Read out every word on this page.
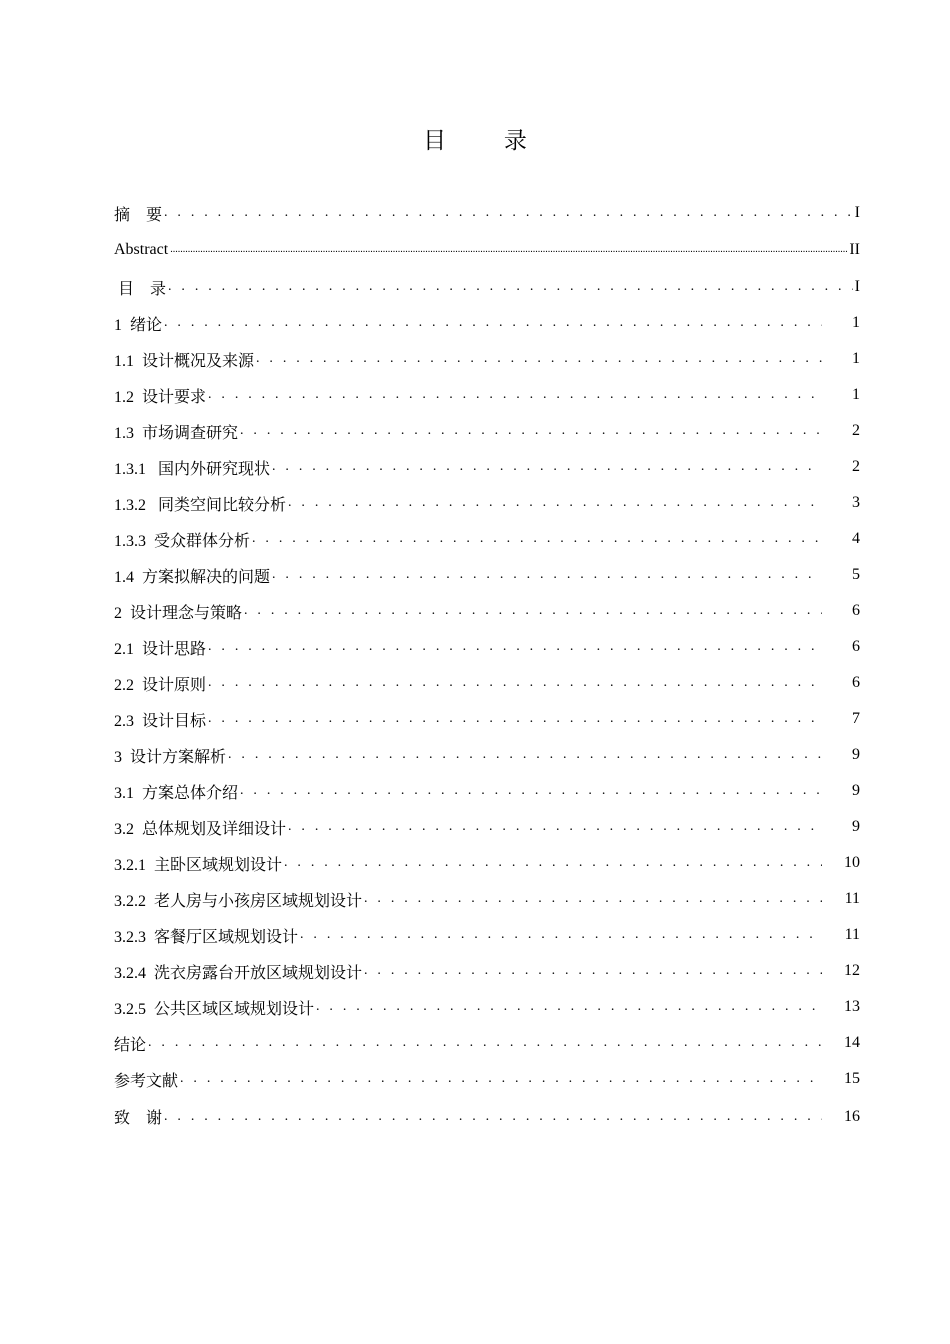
目 录
摘    要 . . .	I
Abstract .....	II
目    录 . . .	I
1  绪论 . . .	1
1.1  设计概况及来源 . . .	1
1.2  设计要求 . . .	1
1.3  市场调查研究 . . .	2
1.3.1   国内外研究现状 . . .	2
1.3.2   同类空间比较分析 . . .	3
1.3.3  受众群体分析 . . .	4
1.4  方案拟解决的问题 . . .	5
2  设计理念与策略 . . .	6
2.1  设计思路 . . .	6
2.2  设计原则 . . .	6
2.3  设计目标 . . .	7
3  设计方案解析 . . .	9
3.1  方案总体介绍 . . .	9
3.2  总体规划及详细设计 . . .	9
3.2.1  主卧区域规划设计 . . .	10
3.2.2  老人房与小孩房区域规划设计 . . .	11
3.2.3  客餐厅区域规划设计 . . .	11
3.2.4  洗衣房露台开放区域规划设计 . . .	12
3.2.5  公共区域区域规划设计 . . .	13
结论 . . .	14
参考文献 . . .	15
致    谢 . . .	16
